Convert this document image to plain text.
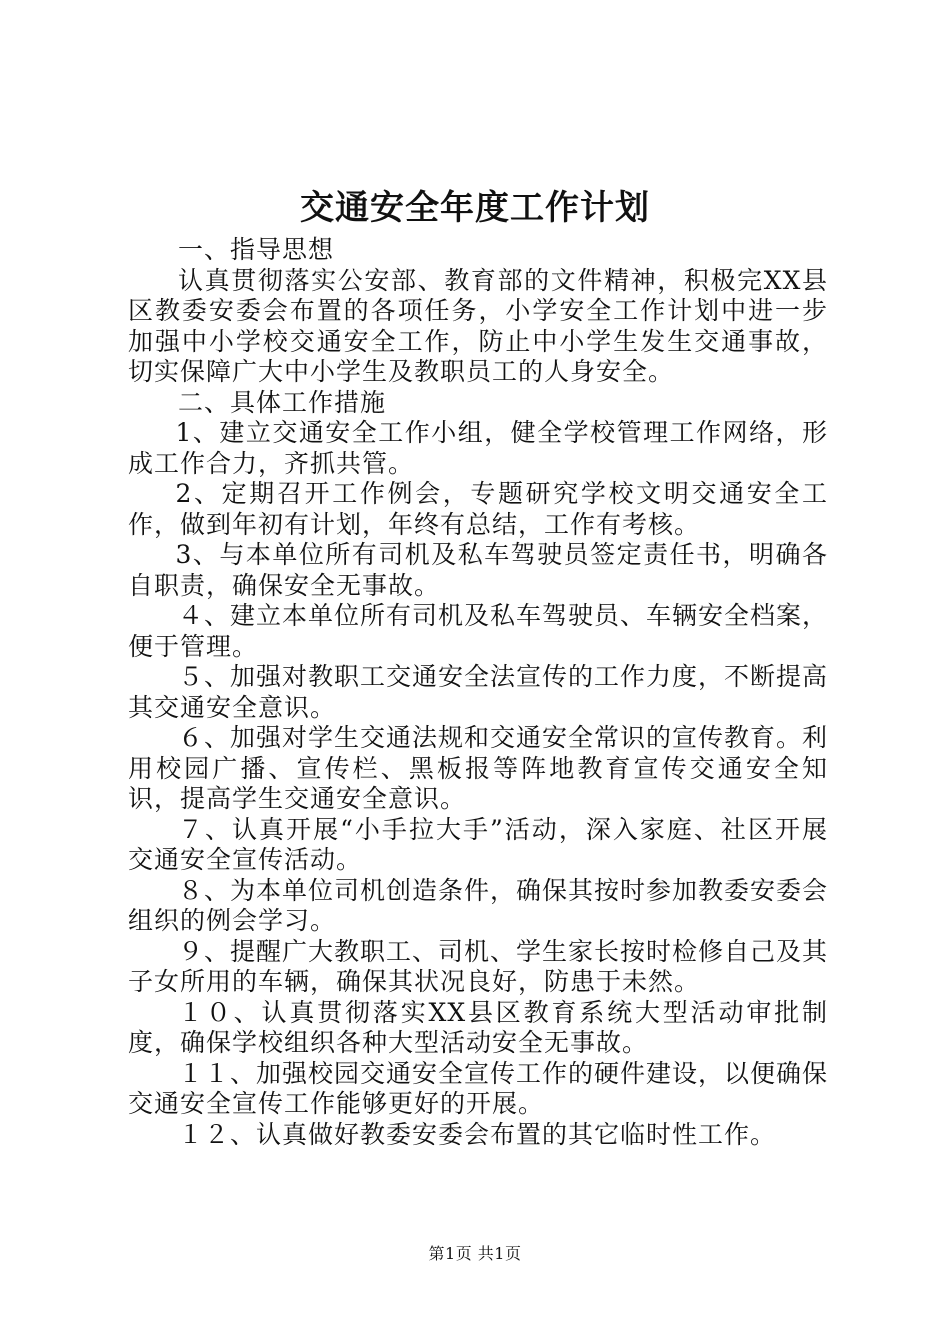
交通安全年度工作计划

一、指导思想

认真贯彻落实公安部、教育部的文件精神，积极完XX县区教委安委会布置的各项任务，小学安全工作计划中进一步加强中小学校交通安全工作，防止中小学生发生交通事故，切实保障广大中小学生及教职员工的人身安全。

二、具体工作措施

1、建立交通安全工作小组，健全学校管理工作网络，形成工作合力，齐抓共管。

2、定期召开工作例会，专题研究学校文明交通安全工作，做到年初有计划，年终有总结，工作有考核。

3、与本单位所有司机及私车驾驶员签定责任书，明确各自职责，确保安全无事故。

４、建立本单位所有司机及私车驾驶员、车辆安全档案，便于管理。

５、加强对教职工交通安全法宣传的工作力度，不断提高其交通安全意识。

６、加强对学生交通法规和交通安全常识的宣传教育。利用校园广播、宣传栏、黑板报等阵地教育宣传交通安全知识，提高学生交通安全意识。

７、认真开展“小手拉大手”活动，深入家庭、社区开展交通安全宣传活动。

８、为本单位司机创造条件，确保其按时参加教委安委会组织的例会学习。

９、提醒广大教职工、司机、学生家长按时检修自己及其子女所用的车辆，确保其状况良好，防患于未然。

１０、认真贯彻落实XX县区教育系统大型活动审批制度，确保学校组织各种大型活动安全无事故。

１１、加强校园交通安全宣传工作的硬件建设，以便确保交通安全宣传工作能够更好的开展。

１２、认真做好教委安委会布置的其它临时性工作。

第1页 共1页
